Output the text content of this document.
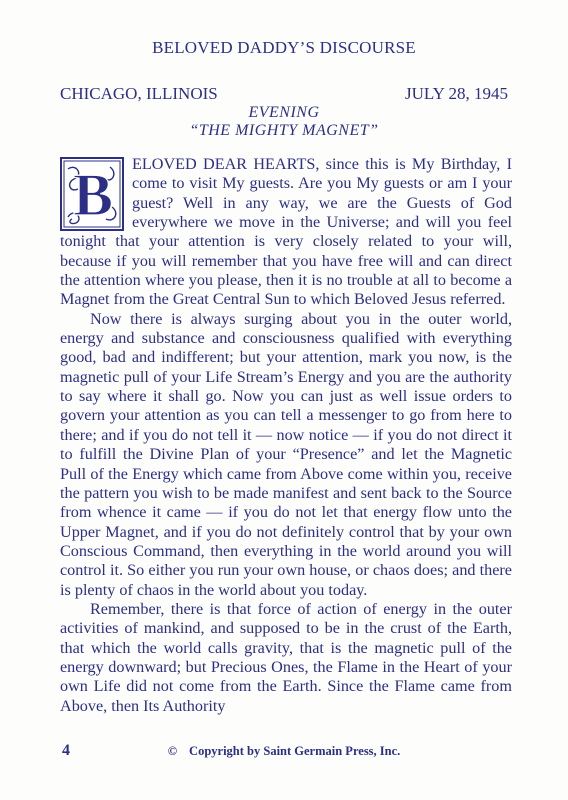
BELOVED DADDY’S DISCOURSE
CHICAGO, ILLINOIS	JULY 28, 1945
EVENING
“THE MIGHTY MAGNET”

B ELOVED DEAR HEARTS, since this is My Birthday, I come to visit My guests. Are you My guests or am I your guest? Well in any way, we are the Guests of God everywhere we move in the Universe; and will you feel tonight that your attention is very closely related to your will, because if you will remember that you have free will and can direct the attention where you please, then it is no trouble at all to become a Magnet from the Great Central Sun to which Beloved Jesus referred.

Now there is always surging about you in the outer world, energy and substance and consciousness qualified with everything good, bad and indifferent; but your attention, mark you now, is the magnetic pull of your Life Stream’s Energy and you are the authority to say where it shall go. Now you can just as well issue orders to govern your attention as you can tell a messenger to go from here to there; and if you do not tell it — now notice — if you do not direct it to fulfill the Divine Plan of your “Presence” and let the Magnetic Pull of the Energy which came from Above come within you, receive the pattern you wish to be made manifest and sent back to the Source from whence it came — if you do not let that energy flow unto the Upper Magnet, and if you do not definitely control that by your own Conscious Command, then everything in the world around you will control it. So either you run your own house, or chaos does; and there is plenty of chaos in the world about you today.

Remember, there is that force of action of energy in the outer activities of mankind, and supposed to be in the crust of the Earth, that which the world calls gravity, that is the magnetic pull of the energy downward; but Precious Ones, the Flame in the Heart of your own Life did not come from the Earth. Since the Flame came from Above, then Its Authority

4	© Copyright by Saint Germain Press, Inc.
